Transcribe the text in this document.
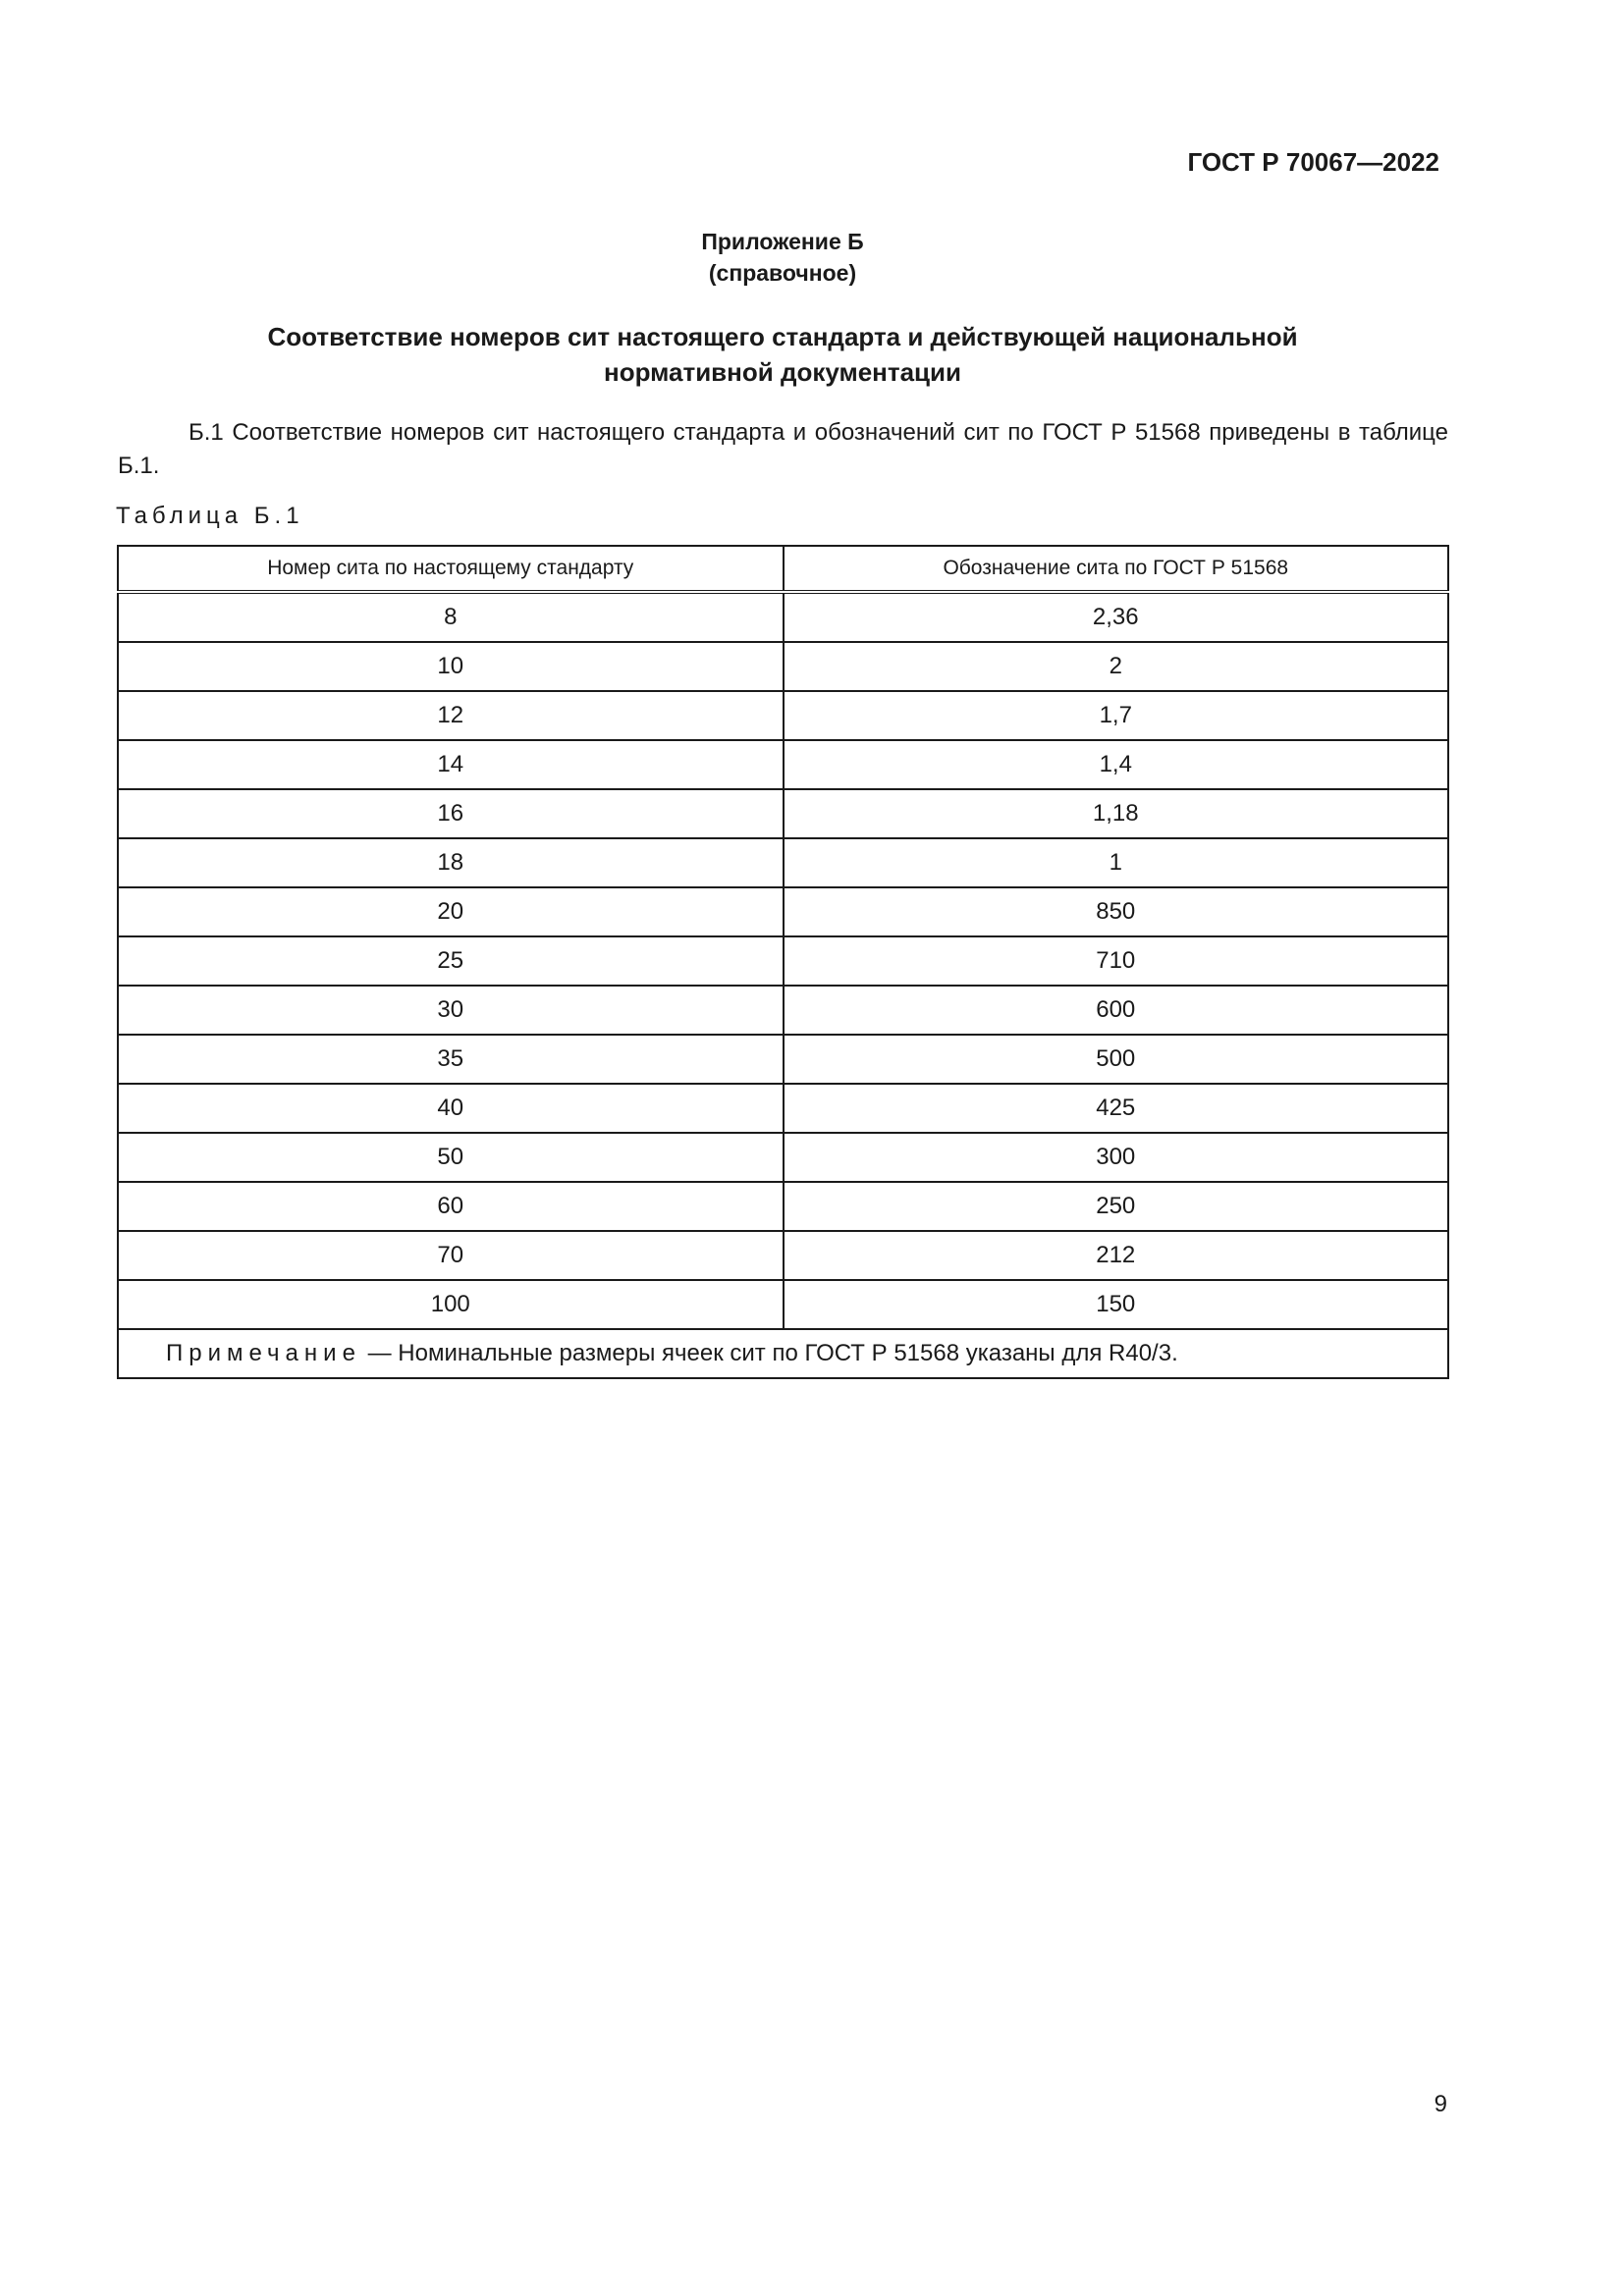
ГОСТ Р 70067—2022
Приложение Б
(справочное)
Соответствие номеров сит настоящего стандарта и действующей национальной
нормативной документации
Б.1 Соответствие номеров сит настоящего стандарта и обозначений сит по ГОСТ Р 51568 приведены в таблице Б.1.
Таблица Б.1
Номер сита по настоящему стандарту	Обозначение сита по ГОСТ Р 51568
8	2,36
10	2
12	1,7
14	1,4
16	1,18
18	1
20	850
25	710
30	600
35	500
40	425
50	300
60	250
70	212
100	150
Примечание — Номинальные размеры ячеек сит по ГОСТ Р 51568 указаны для R40/3.	
9
